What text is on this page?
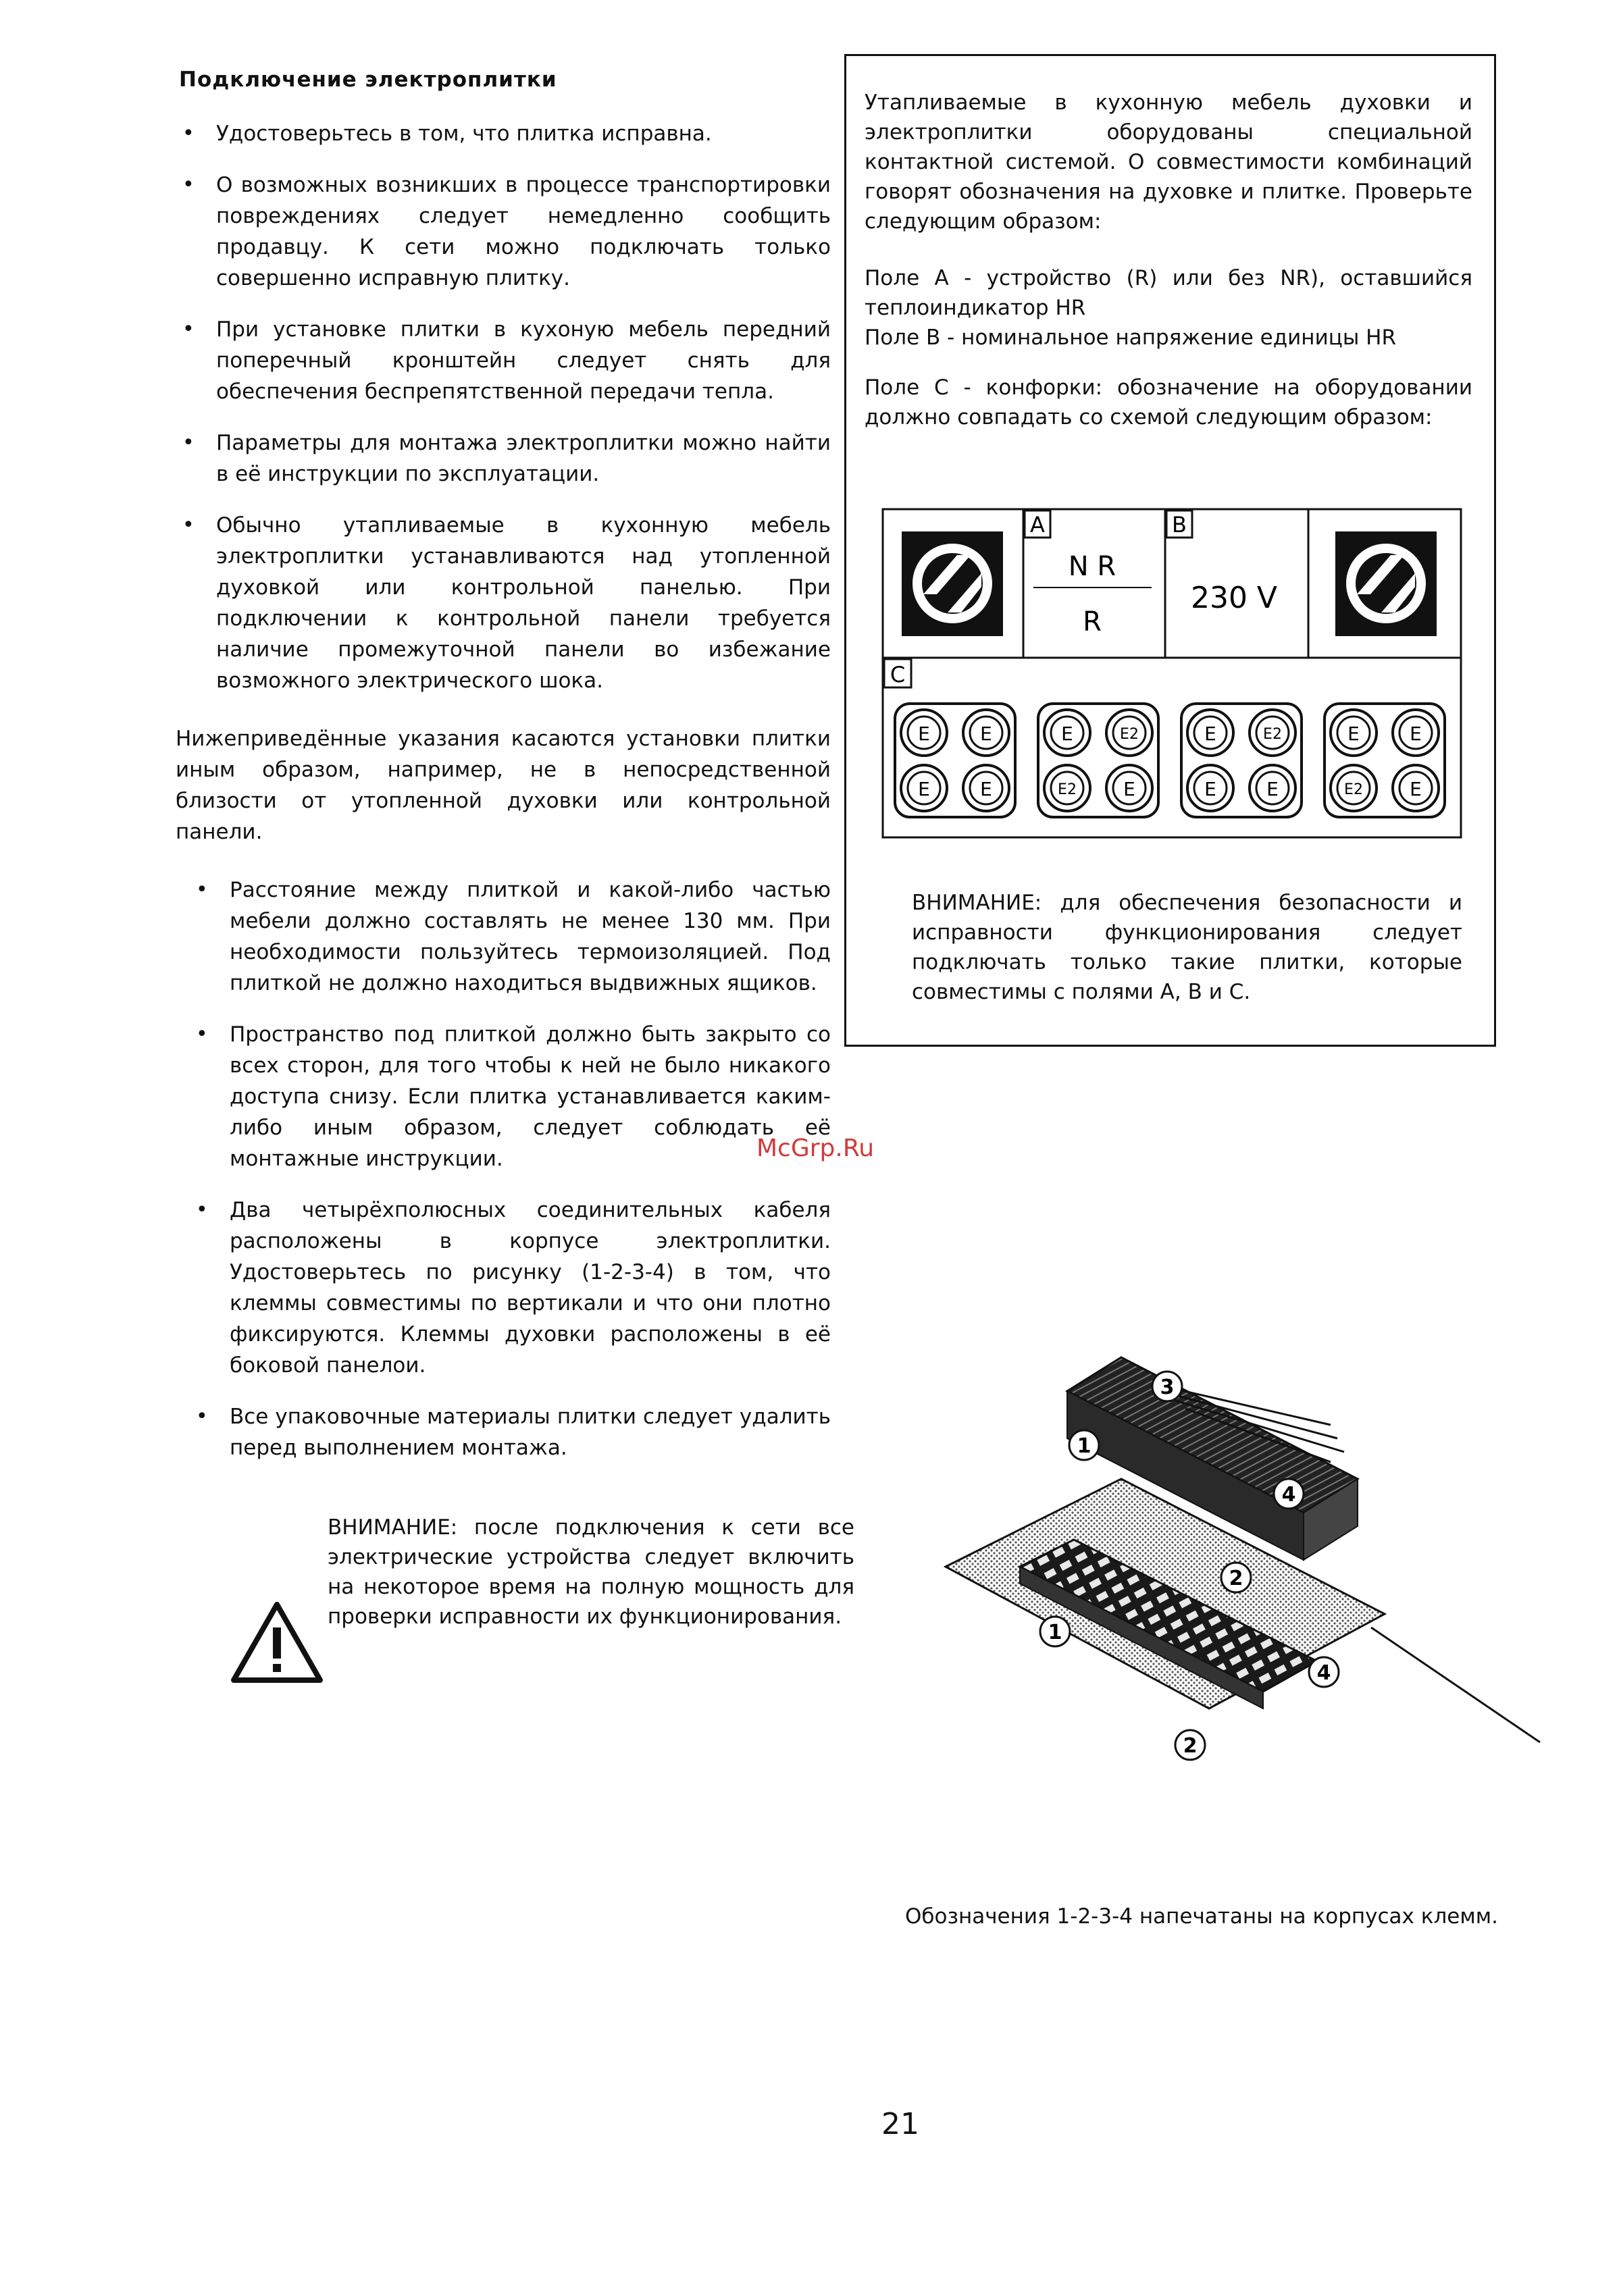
Подключение электроплитки
• Удостоверьтесь в том, что плитка исправна.
• О возможных возникших в процессе транспортировки повреждениях следует немедленно сообщить продавцу. К сети можно подключать только совершенно исправную плитку.
• При установке плитки в кухоную мебель передний поперечный кронштейн следует снять для обеспечения беспрепятственной передачи тепла.
• Параметры для монтажа электроплитки можно найти в её инструкции по эксплуатации.
• Обычно утапливаемые в кухонную мебель электроплитки устанавливаются над утопленной духовкой или контрольной панелью. При подключении к контрольной панели требуется наличие промежуточной панели во избежание возможного электрического шока.

Нижеприведённые указания касаются установки плитки иным образом, например, не в непосредственной близости от утопленной духовки или контрольной панели.

• Расстояние между плиткой и какой-либо частью мебели должно составлять не менее 130 мм. При необходимости пользуйтесь термоизоляцией. Под плиткой не должно находиться выдвижных ящиков.
• Пространство под плиткой должно быть закрыто со всех сторон, для того чтобы к ней не было никакого доступа снизу. Если плитка устанавливается каким-либо иным образом, следует соблюдать её монтажные инструкции.
• Два четырёхполюсных соединительных кабеля расположены в корпусе электроплитки. Удостоверьтесь по рисунку (1-2-3-4) в том, что клеммы совместимы по вертикали и что они плотно фиксируются. Клеммы духовки расположены в её боковой панелои.
• Все упаковочные материалы плитки следует удалить перед выполнением монтажа.
ВНИМАНИЕ: после подключения к сети все электрические устройства следует включить на некоторое время на полную мощность для проверки исправности их функционирования.

Утапливаемые в кухонную мебель духовки и электроплитки оборудованы специальной контактной системой. О совместимости комбинаций говорят обозначения на духовке и плитке. Проверьте следующим образом:

Поле А - устройство (R) или без NR), оставшийся теплоиндикатор HR

Поле В - номинальное напряжение единицы HR

Поле С - конфорки: обозначение на оборудовании должно совпадать со схемой следующим образом:

A	B
C
N R
R
230 V
E	E
E	E
E	E2
E2 E
E	E2
E	E
E	E
E2 E
ВНИМАНИЕ: для обеспечения безопасности и исправности функционирования следует подключать только такие плитки, которые совместимы с полями A, B и C.
McGrp.Ru
3
1
4
2
1
4
2
Обозначения 1-2-3-4 напечатаны на корпусах клемм.
21
